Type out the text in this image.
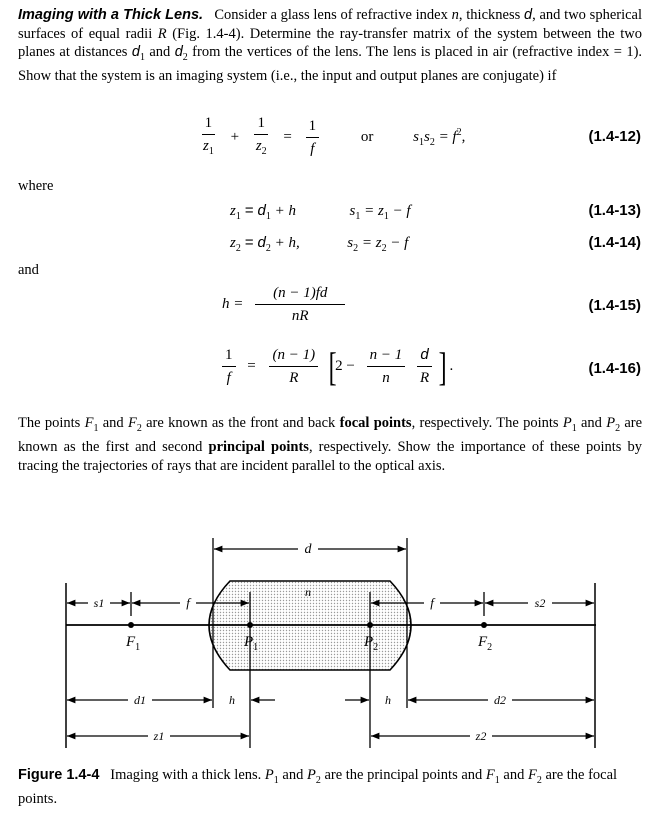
Imaging with a Thick Lens. Consider a glass lens of refractive index n, thickness d, and two spherical surfaces of equal radii R (Fig. 1.4-4). Determine the ray-transfer matrix of the system between the two planes at distances $d_1$ and $d_2$ from the vertices of the lens. The lens is placed in air (refractive index = 1). Show that the system is an imaging system (i.e., the input and output planes are conjugate) if

$\frac{1}{z_1} + \frac{1}{z_2} = \frac{1}{f}$	or	$s_1s_2 = f^2$,	(1.4-12)
where
$z_1 = d_1 + h$	$s_1 = z_1 - f$	(1.4-13)
$z_2 = d_2 + h$,	$s_2 = z_2 - f$	(1.4-14)
and
$h = \frac{(n - 1)fd}{nR}$	(1.4-15)
$\frac{1}{f} = \frac{(n - 1)}{R} [2 - \frac{n - 1}{n}$
$\frac{d}{R}$ ] .	(1.4-16)

The points $F_1$ and $F_2$ are known as the front and back focal points, respectively. The points $P_1$ and $P_2$ are known as the first and second principal points, respectively. Show the importance of these points by tracing the trajectories of rays that are incident parallel to the optical axis.

d
n
s1	f	f	s2
$F_1$	$P_1$	$P_2$	$F_2$
d1	h	h	d2
z1	z2
Figure 1.4-4 Imaging with a thick lens. $P_1$ and $P_2$ are the principal points and $F_1$ and $F_2$ are the focal points.
